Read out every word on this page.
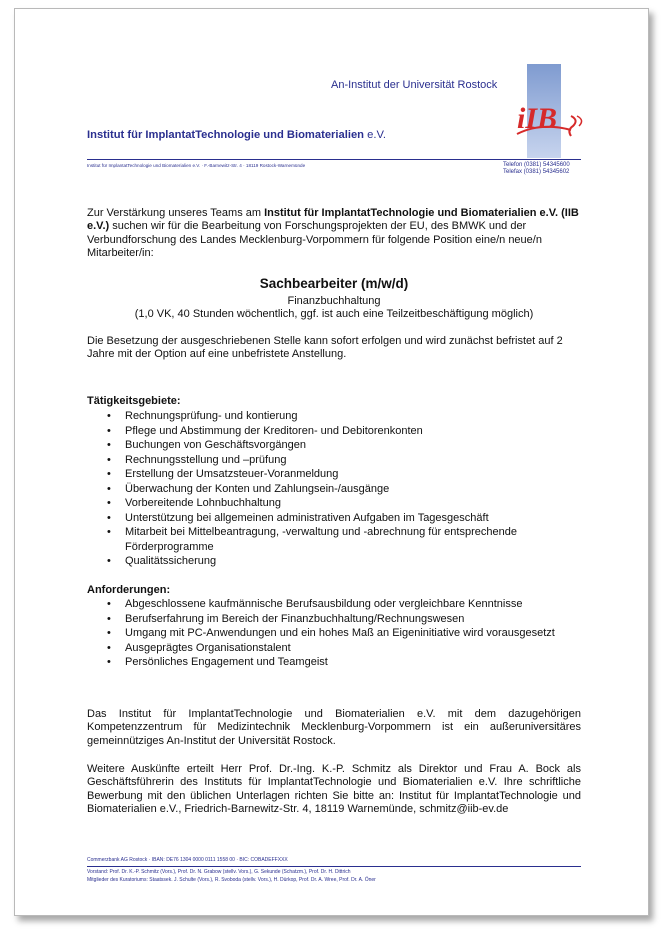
An-Institut der Universität Rostock
iIB
Institut für ImplantatTechnologie und Biomaterialien e.V.
Institut für ImplantatTechnologie und Biomaterialien e.V. · F.-Barnewitz-Str. 4 · 18119 Rostock-Warnemünde	Telefon (0381) 54345600
Telefax (0381) 54345602
Zur Verstärkung unseres Teams am Institut für ImplantatTechnologie und Biomaterialien e.V. (IIB e.V.) suchen wir für die Bearbeitung von Forschungsprojekten der EU, des BMWK und der Verbundforschung des Landes Mecklenburg-Vorpommern für folgende Position eine/n neue/n Mitarbeiter/in:
Sachbearbeiter (m/w/d)
Finanzbuchhaltung
(1,0 VK, 40 Stunden wöchentlich, ggf. ist auch eine Teilzeitbeschäftigung möglich)
Die Besetzung der ausgeschriebenen Stelle kann sofort erfolgen und wird zunächst befristet auf 2 Jahre mit der Option auf eine unbefristete Anstellung.
Tätigkeitsgebiete:
• Rechnungsprüfung- und kontierung
• Pflege und Abstimmung der Kreditoren- und Debitorenkonten
• Buchungen von Geschäftsvorgängen
• Rechnungsstellung und –prüfung
• Erstellung der Umsatzsteuer-Voranmeldung
• Überwachung der Konten und Zahlungsein-/ausgänge
• Vorbereitende Lohnbuchhaltung
• Unterstützung bei allgemeinen administrativen Aufgaben im Tagesgeschäft
• Mitarbeit bei Mittelbeantragung, -verwaltung und -abrechnung für entsprechende Förderprogramme
• Qualitätssicherung
Anforderungen:
• Abgeschlossene kaufmännische Berufsausbildung oder vergleichbare Kenntnisse
• Berufserfahrung im Bereich der Finanzbuchhaltung/Rechnungswesen
• Umgang mit PC-Anwendungen und ein hohes Maß an Eigeninitiative wird vorausgesetzt
• Ausgeprägtes Organisationstalent
• Persönliches Engagement und Teamgeist
Das Institut für ImplantatTechnologie und Biomaterialien e.V. mit dem dazugehörigen Kompetenzzentrum für Medizintechnik Mecklenburg-Vorpommern ist ein außeruniversitäres gemeinnütziges An-Institut der Universität Rostock.
Weitere Auskünfte erteilt Herr Prof. Dr.-Ing. K.-P. Schmitz als Direktor und Frau A. Bock als Geschäftsführerin des Instituts für ImplantatTechnologie und Biomaterialien e.V. Ihre schriftliche Bewerbung mit den üblichen Unterlagen richten Sie bitte an: Institut für ImplantatTechnologie und Biomaterialien e.V., Friedrich-Barnewitz-Str. 4, 18119 Warnemünde, schmitz@iib-ev.de
Commerzbank AG Rostock · IBAN: DE76 1304 0000 0111 1558 00 · BIC: COBADEFFXXX
Vorstand: Prof. Dr. K.-P. Schmitz (Vors.), Prof. Dr. N. Grabow (stellv. Vors.), G. Sekunde (Schatzm.), Prof. Dr. H. Dittrich
Mitglieder des Kuratoriums: Staatssek. J. Schulte (Vors.), R. Svoboda (stellv. Vors.), H. Dürkop, Prof. Dr. A. Wree, Prof. Dr. A. Öner
